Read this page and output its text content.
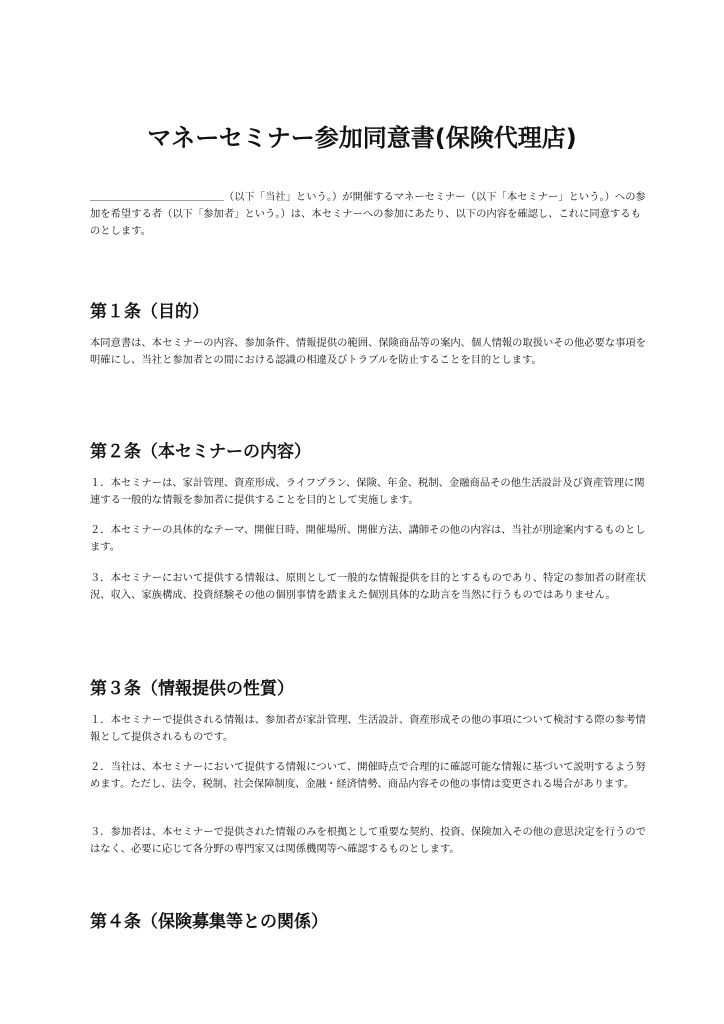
マネーセミナー参加同意書(保険代理店)

＿＿＿＿＿＿＿＿＿＿＿＿＿（以下「当社」という。）が開催するマネーセミナー（以下「本セミナー」という。）への参加を希望する者（以下「参加者」という。）は、本セミナーへの参加にあたり、以下の内容を確認し、これに同意するものとします。

第１条（目的）

本同意書は、本セミナーの内容、参加条件、情報提供の範囲、保険商品等の案内、個人情報の取扱いその他必要な事項を明確にし、当社と参加者との間における認識の相違及びトラブルを防止することを目的とします。

第２条（本セミナーの内容）

１．本セミナーは、家計管理、資産形成、ライフプラン、保険、年金、税制、金融商品その他生活設計及び資産管理に関連する一般的な情報を参加者に提供することを目的として実施します。

２．本セミナーの具体的なテーマ、開催日時、開催場所、開催方法、講師その他の内容は、当社が別途案内するものとします。

３．本セミナーにおいて提供する情報は、原則として一般的な情報提供を目的とするものであり、特定の参加者の財産状況、収入、家族構成、投資経験その他の個別事情を踏まえた個別具体的な助言を当然に行うものではありません。

第３条（情報提供の性質）

１．本セミナーで提供される情報は、参加者が家計管理、生活設計、資産形成その他の事項について検討する際の参考情報として提供されるものです。

２．当社は、本セミナーにおいて提供する情報について、開催時点で合理的に確認可能な情報に基づいて説明するよう努めます。ただし、法令、税制、社会保障制度、金融・経済情勢、商品内容その他の事情は変更される場合があります。

３．参加者は、本セミナーで提供された情報のみを根拠として重要な契約、投資、保険加入その他の意思決定を行うのではなく、必要に応じて各分野の専門家又は関係機関等へ確認するものとします。

第４条（保険募集等との関係）
